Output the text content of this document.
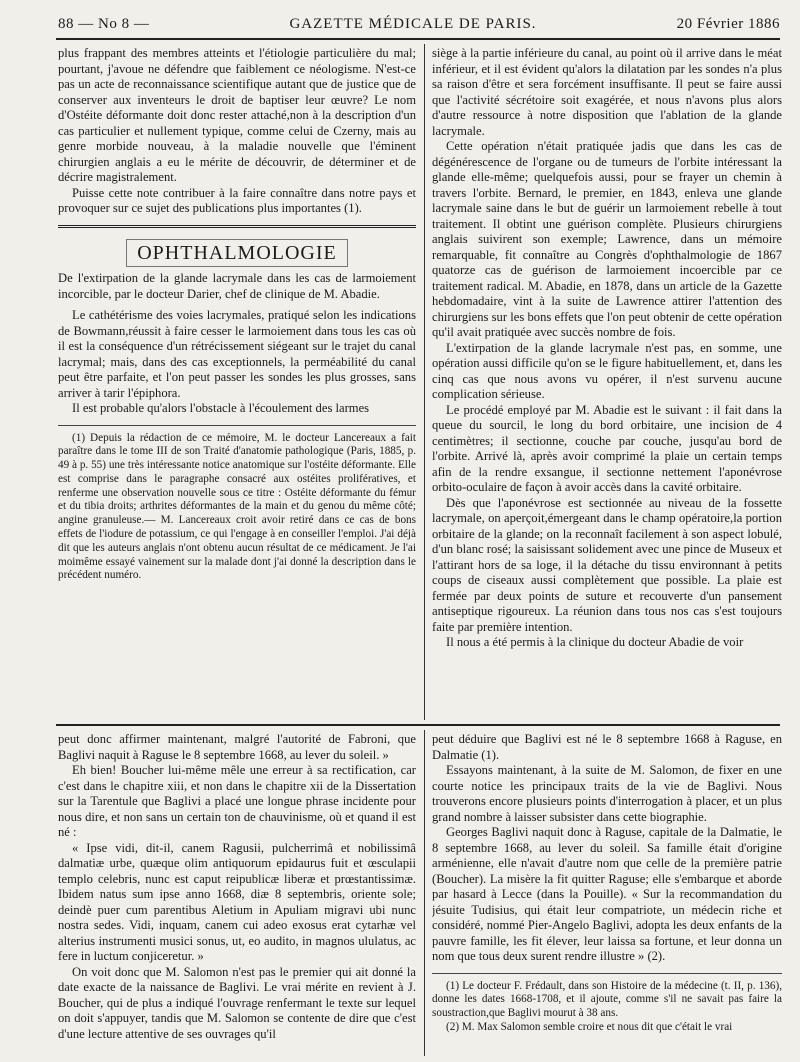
88 — No 8 —	GAZETTE MÉDICALE DE PARIS.	20 Février 1886

plus frappant des membres atteints et l'étiologie particulière du mal; pourtant, j'avoue ne défendre que faiblement ce néologisme. N'est-ce pas un acte de reconnaissance scientifique autant que de justice que de conserver aux inventeurs le droit de baptiser leur œuvre? Le nom d'Ostéite déformante doit donc rester attaché,non à la description d'un cas particulier et nullement typique, comme celui de Czerny, mais au genre morbide nouveau, à la maladie nouvelle que l'éminent chirurgien anglais a eu le mérite de découvrir, de déterminer et de décrire magistralement.

Puisse cette note contribuer à la faire connaître dans notre pays et provoquer sur ce sujet des publications plus importantes (1).

OPHTHALMOLOGIE

De l'extirpation de la glande lacrymale dans les cas de larmoiement incorcible, par le docteur Darier, chef de clinique de M. Abadie.

Le cathétérisme des voies lacrymales, pratiqué selon les indications de Bowmann,réussit à faire cesser le larmoiement dans tous les cas où il est la conséquence d'un rétrécissement siégeant sur le trajet du canal lacrymal; mais, dans des cas exceptionnels, la perméabilité du canal peut être parfaite, et l'on peut passer les sondes les plus grosses, sans arriver à tarir l'épiphora.

Il est probable qu'alors l'obstacle à l'écoulement des larmes

(1) Depuis la rédaction de ce mémoire, M. le docteur Lancereaux a fait paraître dans le tome III de son Traité d'anatomie pathologique (Paris, 1885, p. 49 à p. 55) une très intéressante notice anatomique sur l'ostéite déformante. Elle est comprise dans le paragraphe consacré aux ostéites prolifératives, et renferme une observation nouvelle sous ce titre : Ostéite déformante du fémur et du tibia droits; arthrites déformantes de la main et du genou du même côté; angine granuleuse.— M. Lancereaux croit avoir retiré dans ce cas de bons effets de l'iodure de potassium, ce qui l'engage à en conseiller l'emploi. J'ai déjà dit que les auteurs anglais n'ont obtenu aucun résultat de ce médicament. Je l'ai moimême essayé vainement sur la malade dont j'ai donné la description dans le précédent numéro.

siège à la partie inférieure du canal, au point où il arrive dans le méat inférieur, et il est évident qu'alors la dilatation par les sondes n'a plus sa raison d'être et sera forcément insuffisante. Il peut se faire aussi que l'activité sécrétoire soit exagérée, et nous n'avons plus alors d'autre ressource à notre disposition que l'ablation de la glande lacrymale.

Cette opération n'était pratiquée jadis que dans les cas de dégénérescence de l'organe ou de tumeurs de l'orbite intéressant la glande elle-même; quelquefois aussi, pour se frayer un chemin à travers l'orbite. Bernard, le premier, en 1843, enleva une glande lacrymale saine dans le but de guérir un larmoiement rebelle à tout traitement. Il obtint une guérison complète. Plusieurs chirurgiens anglais suivirent son exemple; Lawrence, dans un mémoire remarquable, fit connaître au Congrès d'ophthalmologie de 1867 quatorze cas de guérison de larmoiement incoercible par ce traitement radical. M. Abadie, en 1878, dans un article de la Gazette hebdomadaire, vint à la suite de Lawrence attirer l'attention des chirurgiens sur les bons effets que l'on peut obtenir de cette opération qu'il avait pratiquée avec succès nombre de fois.

L'extirpation de la glande lacrymale n'est pas, en somme, une opération aussi difficile qu'on se le figure habituellement, et, dans les cinq cas que nous avons vu opérer, il n'est survenu aucune complication sérieuse.

Le procédé employé par M. Abadie est le suivant : il fait dans la queue du sourcil, le long du bord orbitaire, une incision de 4 centimètres; il sectionne, couche par couche, jusqu'au bord de l'orbite. Arrivé là, après avoir comprimé la plaie un certain temps afin de la rendre exsangue, il sectionne nettement l'aponévrose orbito-oculaire de façon à avoir accès dans la cavité orbitaire.

Dès que l'aponévrose est sectionnée au niveau de la fossette lacrymale, on aperçoit,émergeant dans le champ opératoire,la portion orbitaire de la glande; on la reconnaît facilement à son aspect lobulé, d'un blanc rosé; la saisissant solidement avec une pince de Museux et l'attirant hors de sa loge, il la détache du tissu environnant à petits coups de ciseaux aussi complètement que possible. La plaie est fermée par deux points de suture et recouverte d'un pansement antiseptique rigoureux. La réunion dans tous nos cas s'est toujours faite par première intention.

Il nous a été permis à la clinique du docteur Abadie de voir

peut donc affirmer maintenant, malgré l'autorité de Fabroni, que Baglivi naquit à Raguse le 8 septembre 1668, au lever du soleil. »

Eh bien! Boucher lui-même mêle une erreur à sa rectification, car c'est dans le chapitre xiii, et non dans le chapitre xii de la Dissertation sur la Tarentule que Baglivi a placé une longue phrase incidente pour nous dire, et non sans un certain ton de chauvinisme, où et quand il est né :

« Ipse vidi, dit-il, canem Ragusii, pulcherrimâ et nobilissimâ dalmatiæ urbe, quæque olim antiquorum epidaurus fuit et œsculapii templo celebris, nunc est caput reipublicæ liberæ et prœstantissimæ. Ibidem natus sum ipse anno 1668, diæ 8 septembris, oriente sole; deindè puer cum parentibus Aletium in Apuliam migravi ubi nunc nostra sedes. Vidi, inquam, canem cui adeo exosus erat cytarhæ vel alterius instrumenti musici sonus, ut, eo audito, in magnos ululatus, ac fere in luctum conjiceretur. »

On voit donc que M. Salomon n'est pas le premier qui ait donné la date exacte de la naissance de Baglivi. Le vrai mérite en revient à J. Boucher, qui de plus a indiqué l'ouvrage renfermant le texte sur lequel on doit s'appuyer, tandis que M. Salomon se contente de dire que c'est d'une lecture attentive de ses ouvrages qu'il

peut déduire que Baglivi est né le 8 septembre 1668 à Raguse, en Dalmatie (1).

Essayons maintenant, à la suite de M. Salomon, de fixer en une courte notice les principaux traits de la vie de Baglivi. Nous trouverons encore plusieurs points d'interrogation à placer, et un plus grand nombre à laisser subsister dans cette biographie.

Georges Baglivi naquit donc à Raguse, capitale de la Dalmatie, le 8 septembre 1668, au lever du soleil. Sa famille était d'origine arménienne, elle n'avait d'autre nom que celle de la première patrie (Boucher). La misère la fit quitter Raguse; elle s'embarque et aborde par hasard à Lecce (dans la Pouille). « Sur la recommandation du jésuite Tudisius, qui était leur compatriote, un médecin riche et considéré, nommé Pier-Angelo Baglivi, adopta les deux enfants de la pauvre famille, les fit élever, leur laissa sa fortune, et leur donna un nom que tous deux surent rendre illustre » (2).

(1) Le docteur F. Frédault, dans son Histoire de la médecine (t. II, p. 136), donne les dates 1668-1708, et il ajoute, comme s'il ne savait pas faire la soustraction,que Baglivi mourut à 38 ans.

(2) M. Max Salomon semble croire et nous dit que c'était le vrai
